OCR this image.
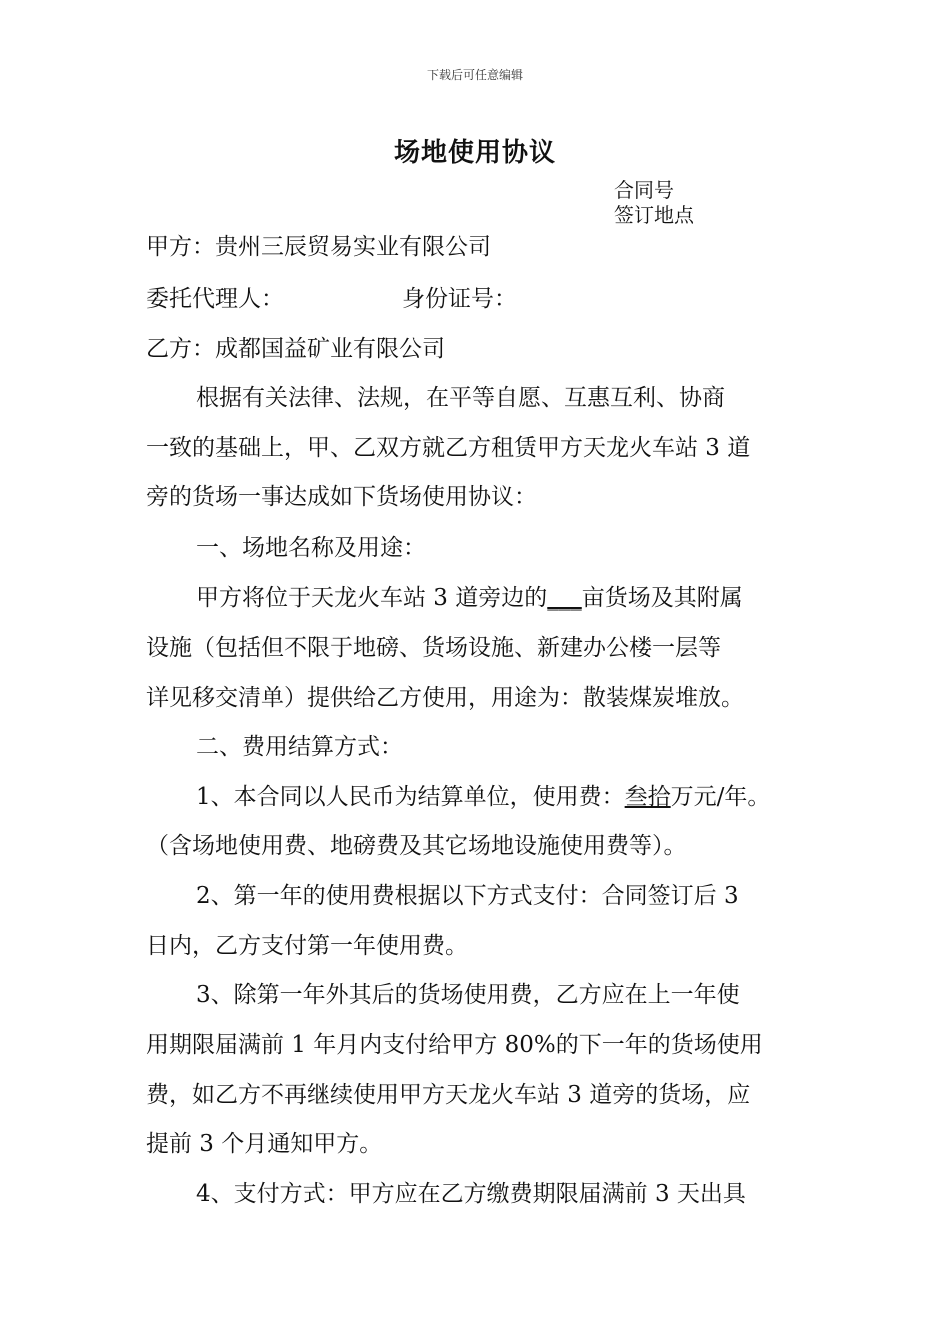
下载后可任意编辑
场地使用协议
合同号
签订地点
甲方：贵州三辰贸易实业有限公司
委托代理人：	身份证号：
乙方：成都国益矿业有限公司
根据有关法律、法规，在平等自愿、互惠互利、协商
一致的基础上，甲、乙双方就乙方租赁甲方天龙火车站 3 道
旁的货场一事达成如下货场使用协议：
一、场地名称及用途：
甲方将位于天龙火车站 3 道旁边的___亩货场及其附属
设施（包括但不限于地磅、货场设施、新建办公楼一层等
详见移交清单）提供给乙方使用，用途为：散装煤炭堆放。
二、费用结算方式：
1、本合同以人民币为结算单位，使用费：叁拾万元/年。
（含场地使用费、地磅费及其它场地设施使用费等）。
2、第一年的使用费根据以下方式支付：合同签订后 3
日内，乙方支付第一年使用费。
3、除第一年外其后的货场使用费，乙方应在上一年使
用期限届满前 1 年月内支付给甲方 80%的下一年的货场使用
费，如乙方不再继续使用甲方天龙火车站 3 道旁的货场，应
提前 3 个月通知甲方。
4、支付方式：甲方应在乙方缴费期限届满前 3 天出具
